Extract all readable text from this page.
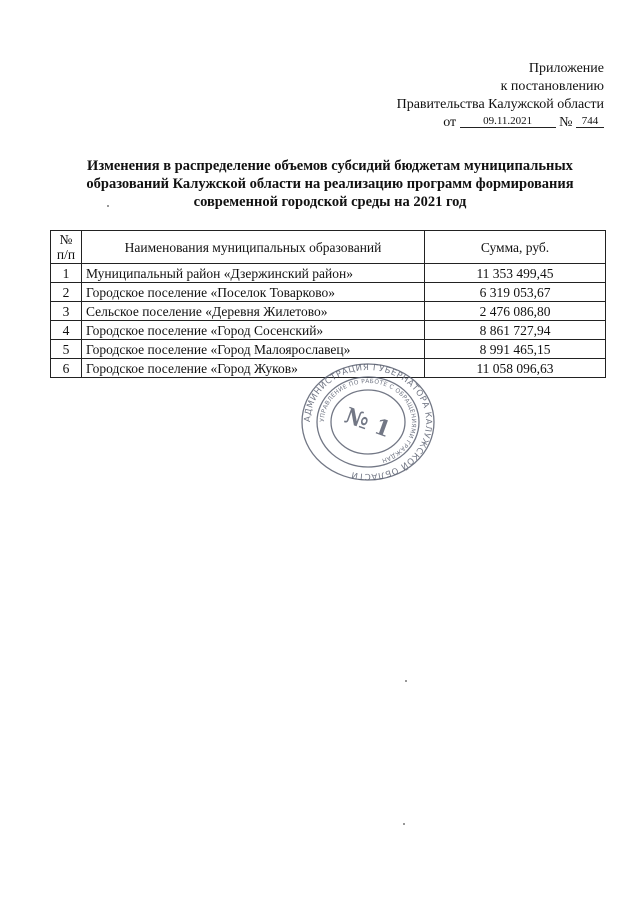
Приложение
к постановлению
Правительства Калужской области
от 09.11.2021 № 744
Изменения в распределение объемов субсидий бюджетам муниципальных образований Калужской области на реализацию программ формирования современной городской среды на 2021 год
№ п/п	Наименования муниципальных образований	Сумма, руб.
1	Муниципальный район «Дзержинский район»	11 353 499,45
2	Городское поселение «Поселок Товарково»	6 319 053,67
3	Сельское поселение «Деревня Жилетово»	2 476 086,80
4	Городское поселение «Город Сосенский»	8 861 727,94
5	Городское поселение «Город Малоярославец»	8 991 465,15
6	Городское поселение «Город Жуков»	11 058 096,63
АДМИНИСТРАЦИЯ ГУБЕРНАТОРА КАЛУЖСКОЙ ОБЛАСТИ
УПРАВЛЕНИЕ ПО РАБОТЕ С ОБРАЩЕНИЯМИ ГРАЖДАН
№ 1
